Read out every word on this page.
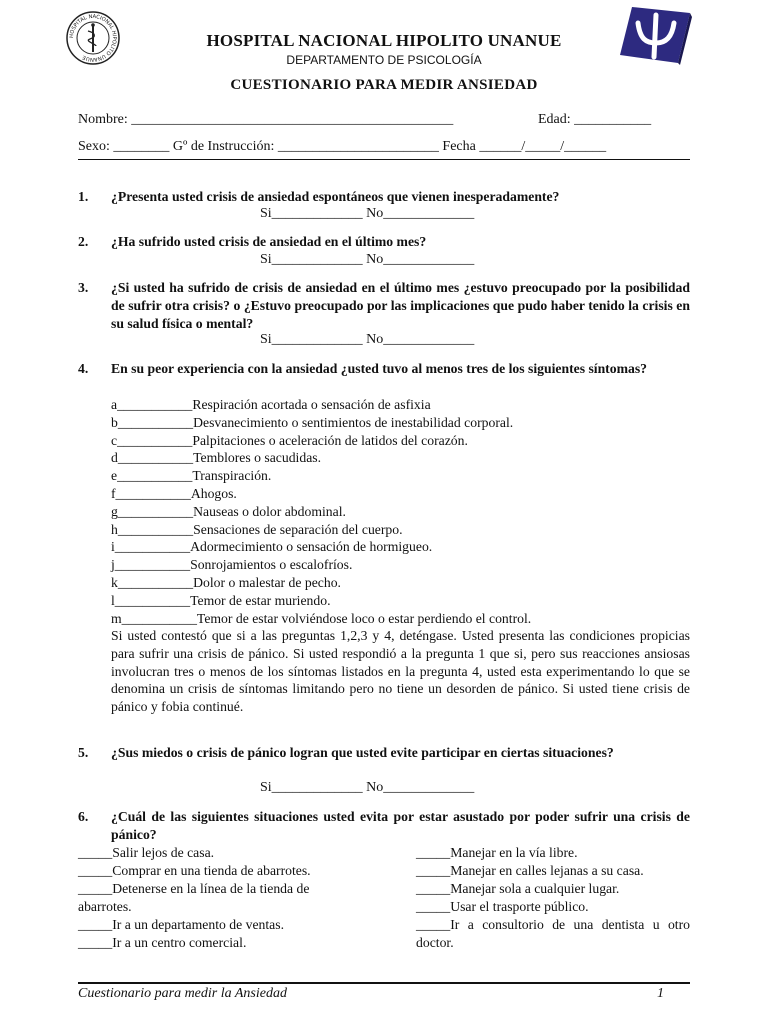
HOSPITAL NACIONAL HIPOLITO UNANUE
HOSPITAL NACIONAL HIPOLITO UNANUE
DEPARTAMENTO DE PSICOLOGÍA
CUESTIONARIO PARA MEDIR ANSIEDAD
Nombre: ______________________________________________	Edad: ___________
Sexo: ________ Gº de Instrucción: _______________________ Fecha ______/_____/______
1. ¿Presenta usted crisis de ansiedad espontáneos que vienen inesperadamente?
Si_____________ No_____________
2. ¿Ha sufrido usted crisis de ansiedad en el último mes?
Si_____________ No_____________
3. ¿Si usted ha sufrido de crisis de ansiedad en el último mes ¿estuvo preocupado por la posibilidad de sufrir otra crisis? o ¿Estuvo preocupado por las implicaciones que pudo haber tenido la crisis en su salud física o mental?
Si_____________ No_____________
4. En su peor experiencia con la ansiedad ¿usted tuvo al menos tres de los siguientes síntomas?
a___________Respiración acortada o sensación de asfixia
b___________Desvanecimiento o sentimientos de inestabilidad corporal.
c___________Palpitaciones o aceleración de latidos del corazón.
d___________Temblores o sacudidas.
e___________Transpiración.
f___________Ahogos.
g___________Nauseas o dolor abdominal.
h___________Sensaciones de separación del cuerpo.
i___________Adormecimiento o sensación de hormigueo.
j___________Sonrojamientos o escalofríos.
k___________Dolor o malestar de pecho.
l___________Temor de estar muriendo.
m___________Temor de estar volviéndose loco o estar perdiendo el control.
Si usted contestó que si a las preguntas 1,2,3 y 4, deténgase. Usted presenta las condiciones propicias para sufrir una crisis de pánico. Si usted respondió a la pregunta 1 que si, pero sus reacciones ansiosas involucran tres o menos de los síntomas listados en la pregunta 4, usted esta experimentando lo que se denomina un crisis de síntomas limitando pero no tiene un desorden de pánico. Si usted tiene crisis de pánico y fobia continué.
5. ¿Sus miedos o crisis de pánico logran que usted evite participar en ciertas situaciones?
Si_____________ No_____________
6. ¿Cuál de las siguientes situaciones usted evita por estar asustado por poder sufrir una crisis de pánico?
_____Salir lejos de casa.
_____Comprar en una tienda de abarrotes.
_____Detenerse en la línea de la tienda de abarrotes.
_____Ir a un departamento de ventas.
_____Ir a un centro comercial.
_____Manejar en la vía libre.
_____Manejar en calles lejanas a su casa.
_____Manejar sola a cualquier lugar.
_____Usar el trasporte público.
_____Ir a consultorio de una dentista u otro doctor.
Cuestionario para medir la Ansiedad	1
